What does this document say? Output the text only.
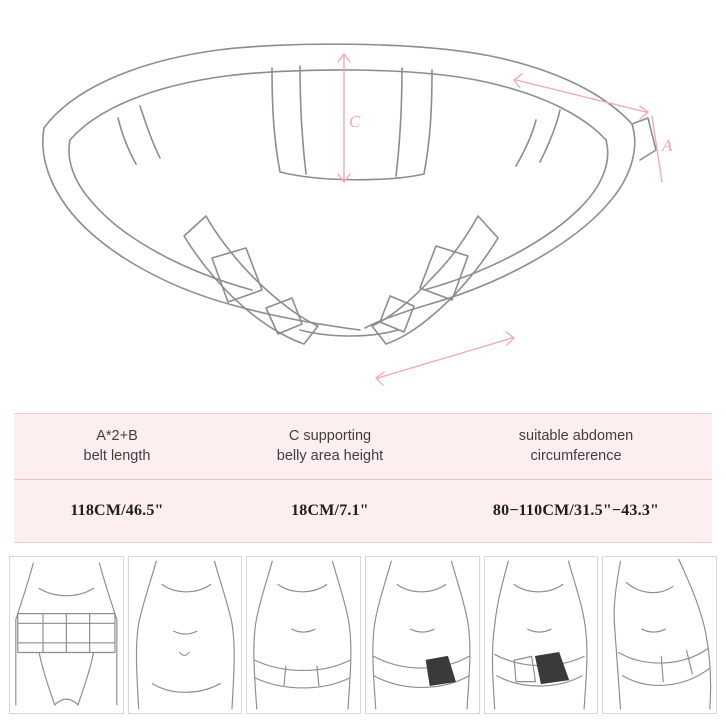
C
A
A*2+B
belt length
C supporting
belly area height
suitable abdomen
circumference
118CM/46.5"	18CM/7.1"	80−110CM/31.5"−43.3"
